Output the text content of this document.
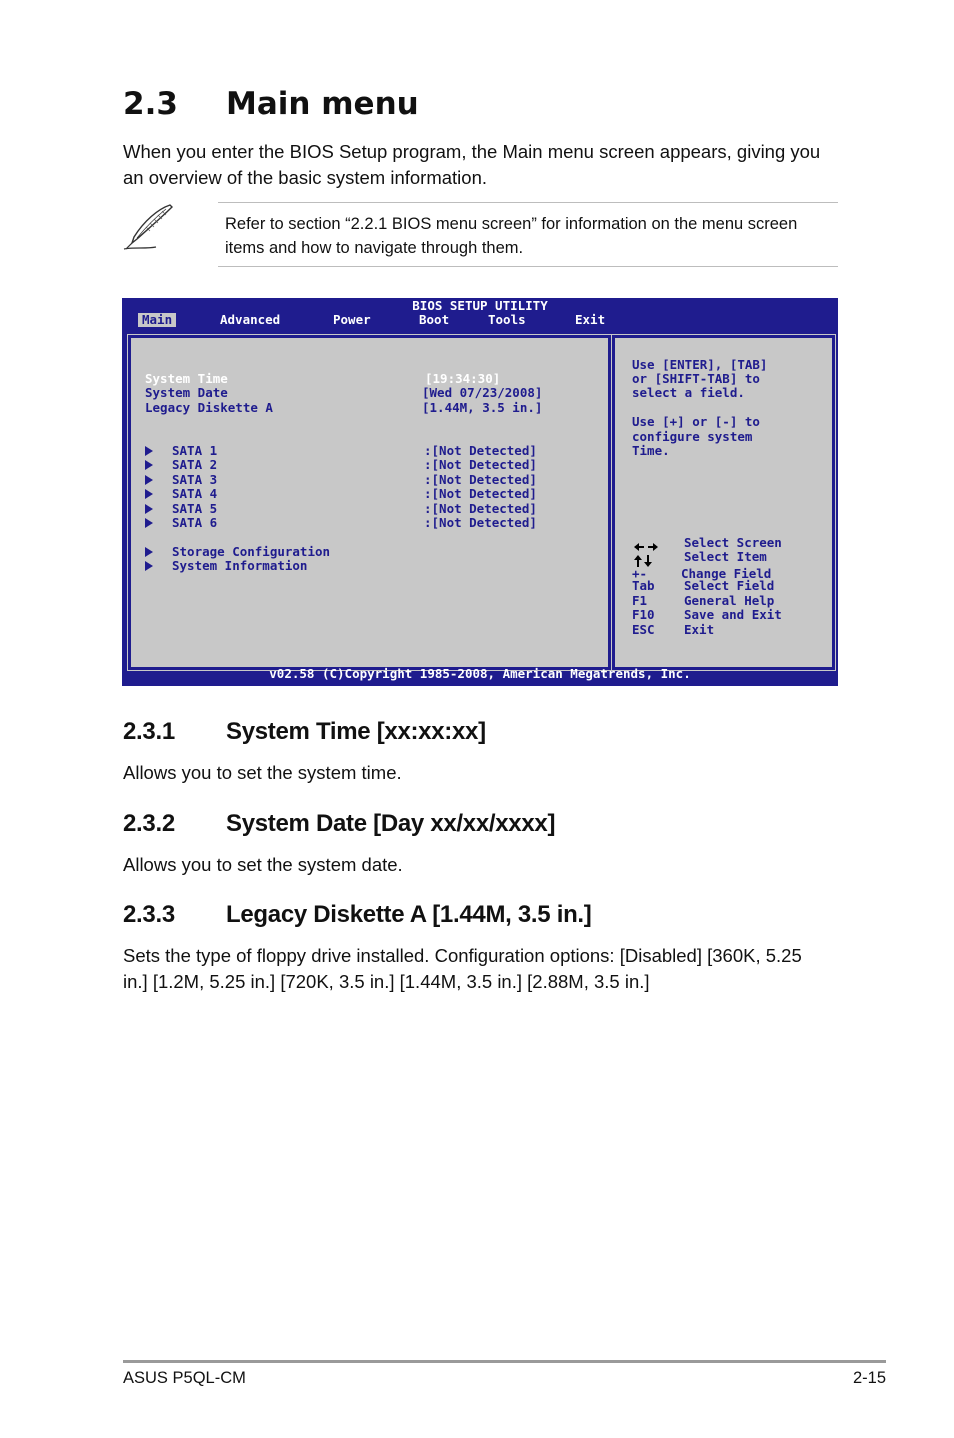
2.3 Main menu

When you enter the BIOS Setup program, the Main menu screen appears, giving you an overview of the basic system information.

Refer to section “2.2.1 BIOS menu screen” for information on the menu screen items and how to navigate through them.

BIOS SETUP UTILITY
Main	Advanced	Power	Boot	Tools	Exit
System Time	[19:34:30]
System Date	[Wed 07/23/2008]
Legacy Diskette A	[1.44M, 3.5 in.]
SATA 1	:[Not Detected]
SATA 2	:[Not Detected]
SATA 3	:[Not Detected]
SATA 4	:[Not Detected]
SATA 5	:[Not Detected]
SATA 6	:[Not Detected]
Storage Configuration
System Information
Use [ENTER], [TAB]
or [SHIFT-TAB] to
select a field.
Use [+] or [-] to
configure system
Time.
Select Screen
Select Item
+-	Change Field
Tab Select Field
F1	General Help
F10 Save and Exit
ESC Exit
v02.58 (C)Copyright 1985-2008, American Megatrends, Inc.
2.3.1 System Time [xx:xx:xx]

Allows you to set the system time.

2.3.2 System Date [Day xx/xx/xxxx]

Allows you to set the system date.

2.3.3 Legacy Diskette A [1.44M, 3.5 in.]

Sets the type of floppy drive installed. Configuration options: [Disabled] [360K, 5.25 in.] [1.2M, 5.25 in.] [720K, 3.5 in.] [1.44M, 3.5 in.] [2.88M, 3.5 in.]

ASUS P5QL-CM	2-15
